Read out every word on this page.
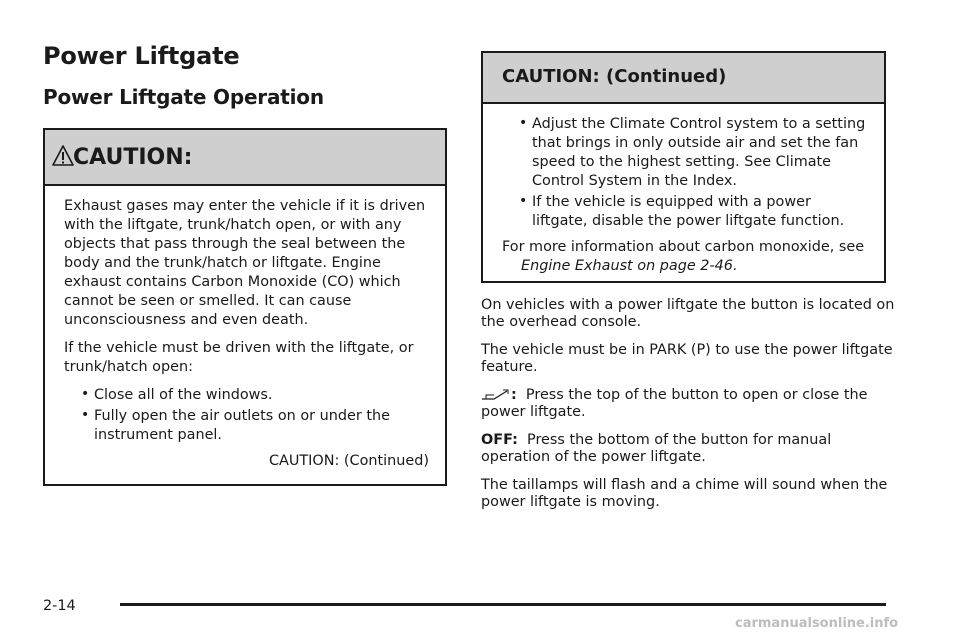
Power Liftgate
Power Liftgate Operation
CAUTION:

Exhaust gases may enter the vehicle if it is driven with the liftgate, trunk/hatch open, or with any objects that pass through the seal between the body and the trunk/hatch or liftgate. Engine exhaust contains Carbon Monoxide (CO) which cannot be seen or smelled. It can cause unconsciousness and even death.

If the vehicle must be driven with the liftgate, or trunk/hatch open:

• Close all of the windows.
• Fully open the air outlets on or under the instrument panel.
CAUTION: (Continued)
CAUTION: (Continued)
• Adjust the Climate Control system to a setting that brings in only outside air and set the fan speed to the highest setting. See Climate Control System in the Index.
• If the vehicle is equipped with a power liftgate, disable the power liftgate function.

For more information about carbon monoxide, see

Engine Exhaust on page 2-46.

On vehicles with a power liftgate the button is located on the overhead console.

The vehicle must be in PARK (P) to use the power liftgate feature.

: Press the top of the button to open or close the power liftgate.

OFF: Press the bottom of the button for manual operation of the power liftgate.

The taillamps will flash and a chime will sound when the power liftgate is moving.

2-14
carmanualsonline.info
